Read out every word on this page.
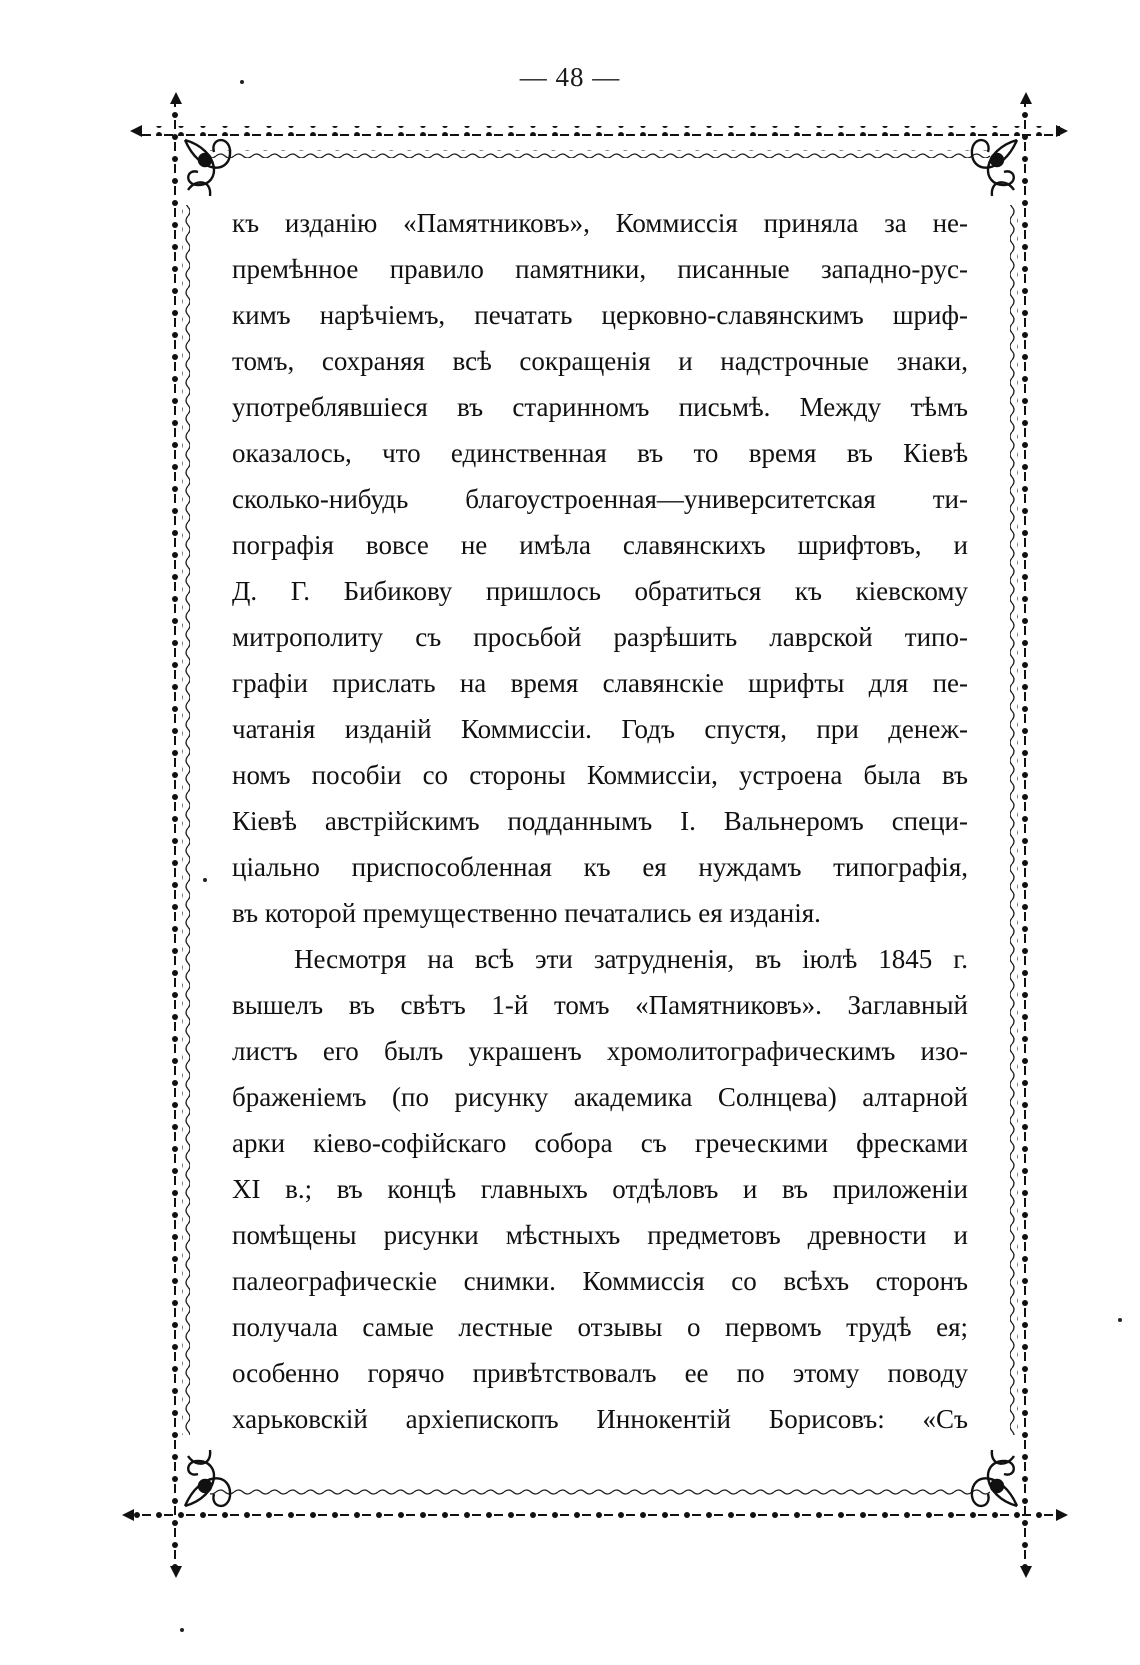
— 48 —
къ изданію «Памятниковъ», Коммиссія приняла за не-
премѣнное правило памятники, писанные западно-рус-
кимъ нарѣчіемъ, печатать церковно-славянскимъ шриф-
томъ, сохраняя всѣ сокращенія и надстрочные знаки,
употреблявшіеся въ старинномъ письмѣ. Между тѣмъ
оказалось, что единственная въ то время въ Кіевѣ
сколько-нибудь благоустроенная—университетская ти-
пографія вовсе не имѣла славянскихъ шрифтовъ, и
Д. Г. Бибикову пришлось обратиться къ кіевскому
митрополиту съ просьбой разрѣшить лаврской типо-
графіи прислать на время славянскіе шрифты для пе-
чатанія изданій Коммиссіи. Годъ спустя, при денеж-
номъ пособіи со стороны Коммиссіи, устроена была въ
Кіевѣ австрійскимъ подданнымъ І. Вальнеромъ специ-
ціально приспособленная къ ея нуждамъ типографія,
въ которой премущественно печатались ея изданія.
Несмотря на всѣ эти затрудненія, въ іюлѣ 1845 г.
вышелъ въ свѣтъ 1-й томъ «Памятниковъ». Заглавный
листъ его былъ украшенъ хромолитографическимъ изо-
браженіемъ (по рисунку академика Солнцева) алтарной
арки кіево-софійскаго собора съ греческими фресками
XI в.; въ концѣ главныхъ отдѣловъ и въ приложеніи
помѣщены рисунки мѣстныхъ предметовъ древности и
палеографическіе снимки. Коммиссія со всѣхъ сторонъ
получала самые лестные отзывы о первомъ трудѣ ея;
особенно горячо привѣтствовалъ ее по этому поводу
харьковскій архіепископъ Иннокентій Борисовъ: «Съ
